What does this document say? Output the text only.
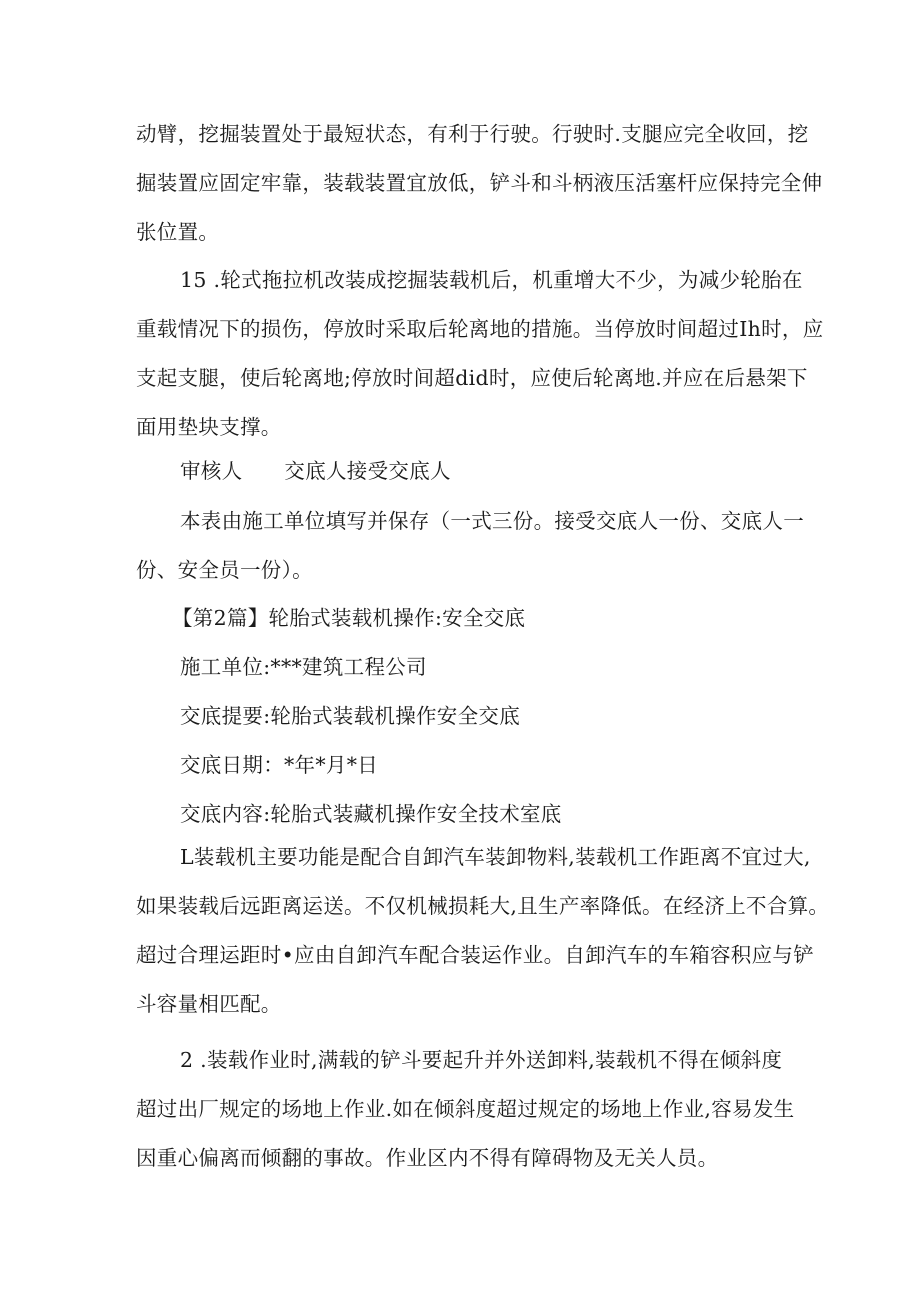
动臂，挖掘装置处于最短状态，有利于行驶。行驶时.支腿应完全收回，挖
掘装置应固定牢靠，装载装置宜放低，铲斗和斗柄液压活塞杆应保持完全伸
张位置。
15 .轮式拖拉机改装成挖掘装载机后，机重增大不少，为减少轮胎在
重载情况下的损伤，停放时采取后轮离地的措施。当停放时间超过Ih时，应
支起支腿，使后轮离地;停放时间超did时，应使后轮离地.并应在后悬架下
面用垫块支撑。

审核人 交底人接受交底人

本表由施工单位填写并保存（一式三份。接受交底人一份、交底人一
份、安全员一份）。

【第2篇】轮胎式装载机操作:安全交底

施工单位:***建筑工程公司

交底提要:轮胎式装载机操作安全交底

交底日期：*年*月*日

交底内容:轮胎式装藏机操作安全技术室底

L装载机主要功能是配合自卸汽车装卸物料,装载机工作距离不宜过大,
如果装载后远距离运送。不仅机械损耗大,且生产率降低。在经济上不合算。
超过合理运距时•应由自卸汽车配合装运作业。自卸汽车的车箱容积应与铲
斗容量相匹配。
2 .装载作业时,满载的铲斗要起升并外送卸料,装载机不得在倾斜度
超过出厂规定的场地上作业.如在倾斜度超过规定的场地上作业,容易发生
因重心偏离而倾翻的事故。作业区内不得有障碍物及无关人员。
